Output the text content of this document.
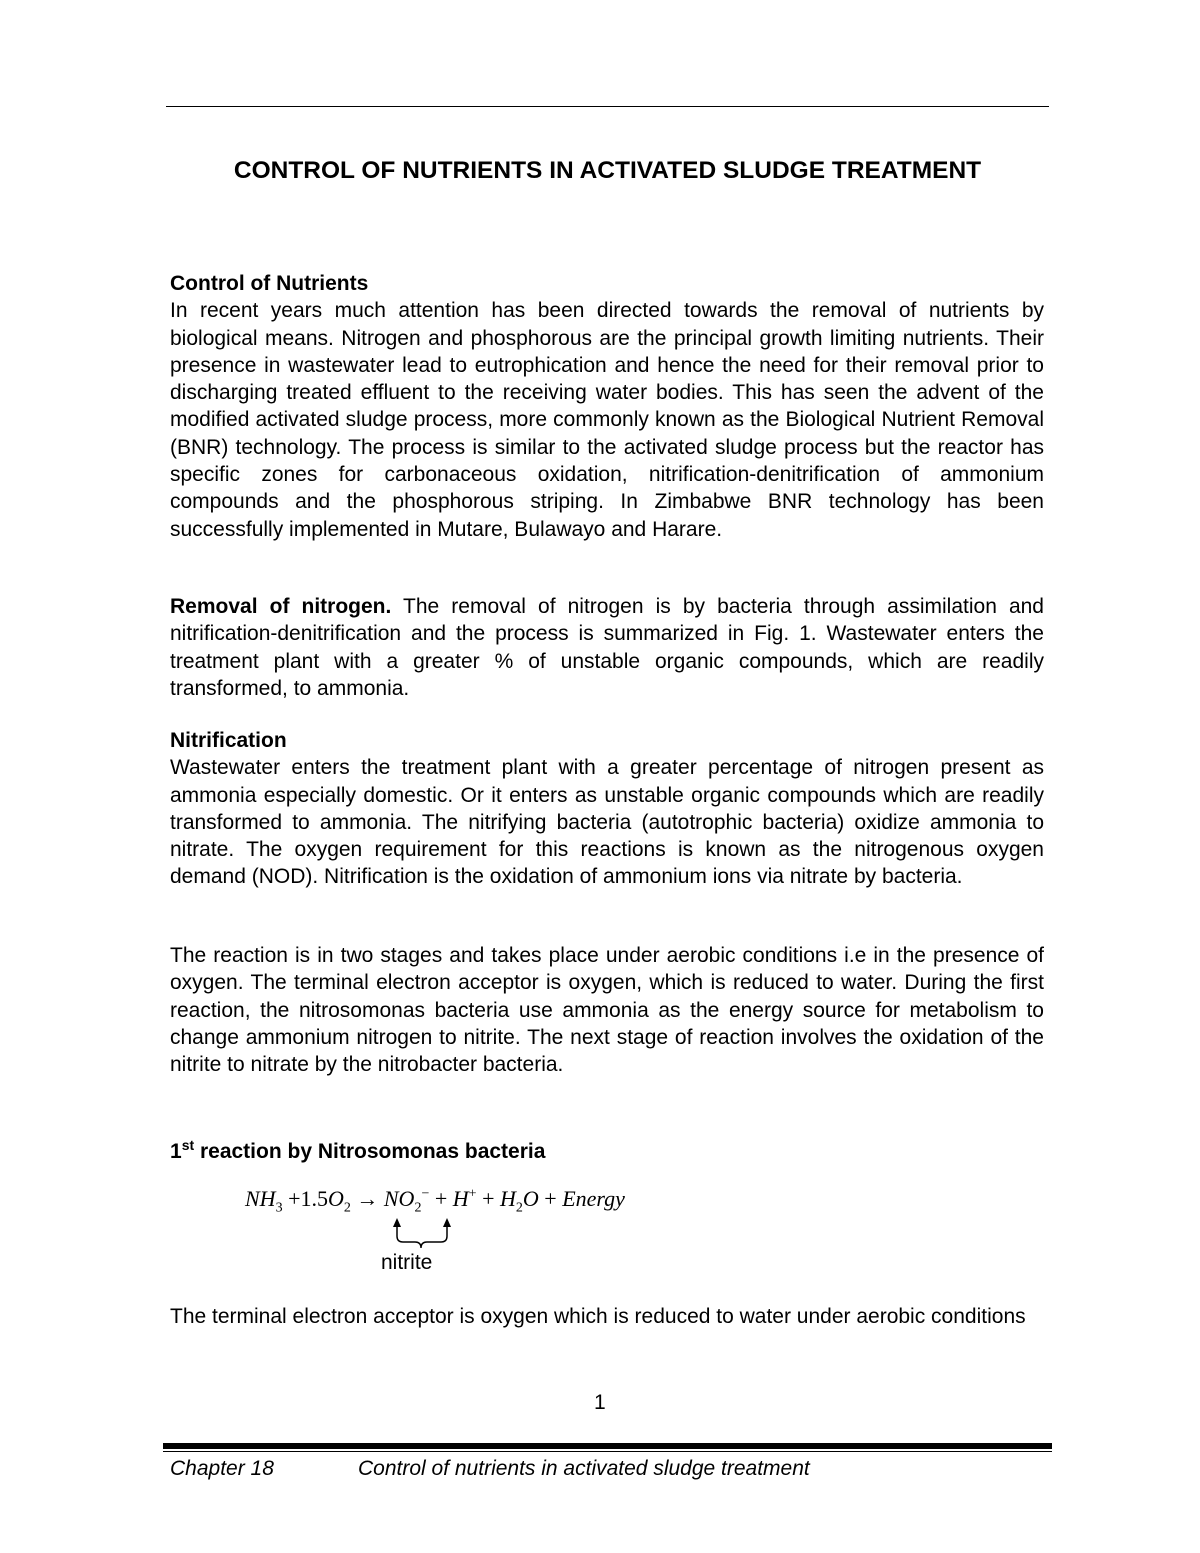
CONTROL OF NUTRIENTS IN ACTIVATED SLUDGE TREATMENT
Control of Nutrients

In recent years much attention has been directed towards the removal of nutrients by biological means. Nitrogen and phosphorous are the principal growth limiting nutrients. Their presence in wastewater lead to eutrophication and hence the need for their removal prior to discharging treated effluent to the receiving water bodies. This has seen the advent of the modified activated sludge process, more commonly known as the Biological Nutrient Removal (BNR) technology. The process is similar to the activated sludge process but the reactor has specific zones for carbonaceous oxidation, nitrification-denitrification of ammonium compounds and the phosphorous striping. In Zimbabwe BNR technology has been successfully implemented in Mutare, Bulawayo and Harare.

Removal of nitrogen. The removal of nitrogen is by bacteria through assimilation and nitrification-denitrification and the process is summarized in Fig. 1. Wastewater enters the treatment plant with a greater % of unstable organic compounds, which are readily transformed, to ammonia.

Nitrification

Wastewater enters the treatment plant with a greater percentage of nitrogen present as ammonia especially domestic. Or it enters as unstable organic compounds which are readily transformed to ammonia. The nitrifying bacteria (autotrophic bacteria) oxidize ammonia to nitrate. The oxygen requirement for this reactions is known as the nitrogenous oxygen demand (NOD). Nitrification is the oxidation of ammonium ions via nitrate by bacteria.

The reaction is in two stages and takes place under aerobic conditions i.e in the presence of oxygen. The terminal electron acceptor is oxygen, which is reduced to water. During the first reaction, the nitrosomonas bacteria use ammonia as the energy source for metabolism to change ammonium nitrogen to nitrite. The next stage of reaction involves the oxidation of the nitrite to nitrate by the nitrobacter bacteria.

1st reaction by Nitrosomonas bacteria
$NH_3 +1.5O_2 \to NO_2^- + H^+ + H_2O$ + Energy
nitrite

The terminal electron acceptor is oxygen which is reduced to water under aerobic conditions

1
Chapter 18	Control of nutrients in activated sludge treatment
